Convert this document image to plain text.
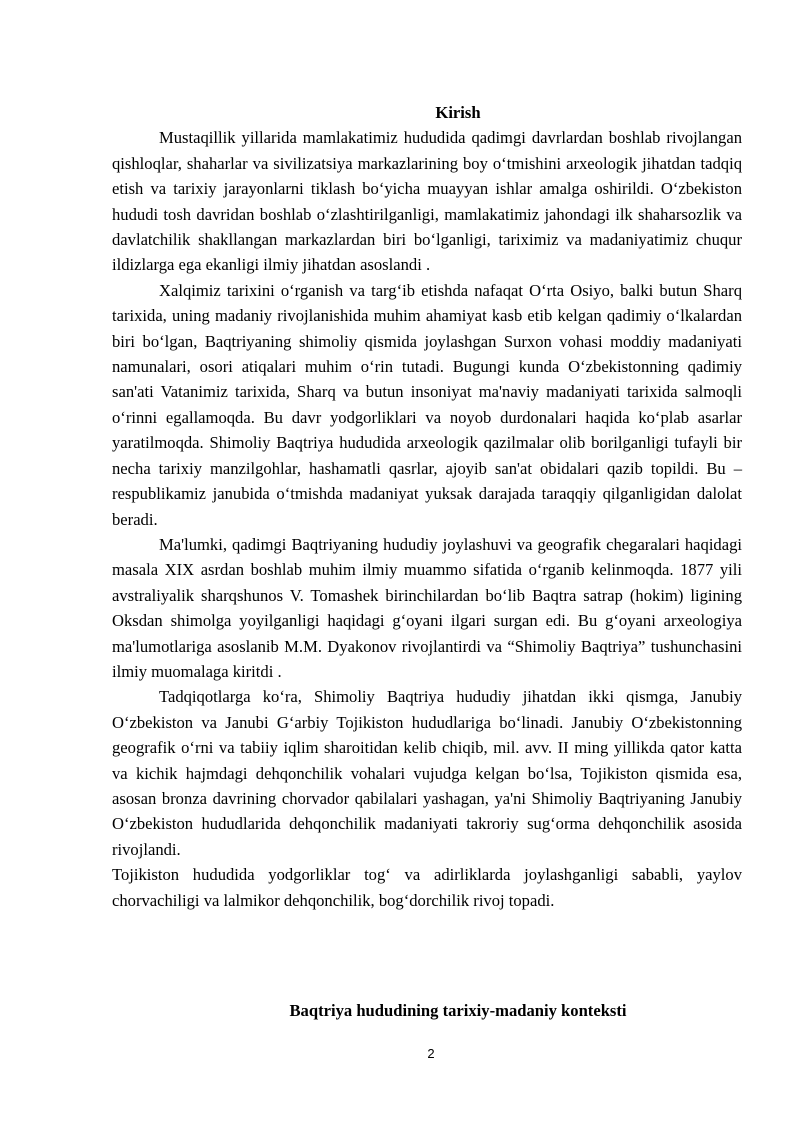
Kirish

Mustaqillik yillarida mamlakatimiz hududida qadimgi davrlardan boshlab rivojlangan qishloqlar, shaharlar va sivilizatsiya markazlarining boy o‘tmishini arxeologik jihatdan tadqiq etish va tarixiy jarayonlarni tiklash bo‘yicha muayyan ishlar amalga oshirildi. O‘zbekiston hududi tosh davridan boshlab o‘zlashtirilganligi, mamlakatimiz jahondagi ilk shaharsozlik va davlatchilik shakllangan markazlardan biri bo‘lganligi, tariximiz va madaniyatimiz chuqur ildizlarga ega ekanligi ilmiy jihatdan asoslandi .

Xalqimiz tarixini o‘rganish va targ‘ib etishda nafaqat O‘rta Osiyo, balki butun Sharq tarixida, uning madaniy rivojlanishida muhim ahamiyat kasb etib kelgan qadimiy o‘lkalardan biri bo‘lgan, Baqtriyaning shimoliy qismida joylashgan Surxon vohasi moddiy madaniyati namunalari, osori atiqalari muhim o‘rin tutadi. Bugungi kunda O‘zbekistonning qadimiy san'ati Vatanimiz tarixida, Sharq va butun insoniyat ma'naviy madaniyati tarixida salmoqli o‘rinni egallamoqda. Bu davr yodgorliklari va noyob durdonalari haqida ko‘plab asarlar yaratilmoqda. Shimoliy Baqtriya hududida arxeologik qazilmalar olib borilganligi tufayli bir necha tarixiy manzilgohlar, hashamatli qasrlar, ajoyib san'at obidalari qazib topildi. Bu – respublikamiz janubida o‘tmishda madaniyat yuksak darajada taraqqiy qilganligidan dalolat beradi.

Ma'lumki, qadimgi Baqtriyaning hududiy joylashuvi va geografik chegaralari haqidagi masala XIX asrdan boshlab muhim ilmiy muammo sifatida o‘rganib kelinmoqda. 1877 yili avstraliyalik sharqshunos V. Tomashek birinchilardan bo‘lib Baqtra satrap (hokim) ligining Oksdan shimolga yoyilganligi haqidagi g‘oyani ilgari surgan edi. Bu g‘oyani arxeologiya ma'lumotlariga asoslanib M.M. Dyakonov rivojlantirdi va “Shimoliy Baqtriya” tushunchasini ilmiy muomalaga kiritdi .

Tadqiqotlarga ko‘ra, Shimoliy Baqtriya hududiy jihatdan ikki qismga, Janubiy O‘zbekiston va Janubi G‘arbiy Tojikiston hududlariga bo‘linadi. Janubiy O‘zbekistonning geografik o‘rni va tabiiy iqlim sharoitidan kelib chiqib, mil. avv. II ming yillikda qator katta va kichik hajmdagi dehqonchilik vohalari vujudga kelgan bo‘lsa, Tojikiston qismida esa, asosan bronza davrining chorvador qabilalari yashagan, ya'ni Shimoliy Baqtriyaning Janubiy O‘zbekiston hududlarida dehqonchilik madaniyati takroriy sug‘orma dehqonchilik asosida rivojlandi.

Tojikiston hududida yodgorliklar tog‘ va adirliklarda joylashganligi sababli, yaylov chorvachiligi va lalmikor dehqonchilik, bog‘dorchilik rivoj topadi.

Baqtriya hududining tarixiy-madaniy konteksti
2
